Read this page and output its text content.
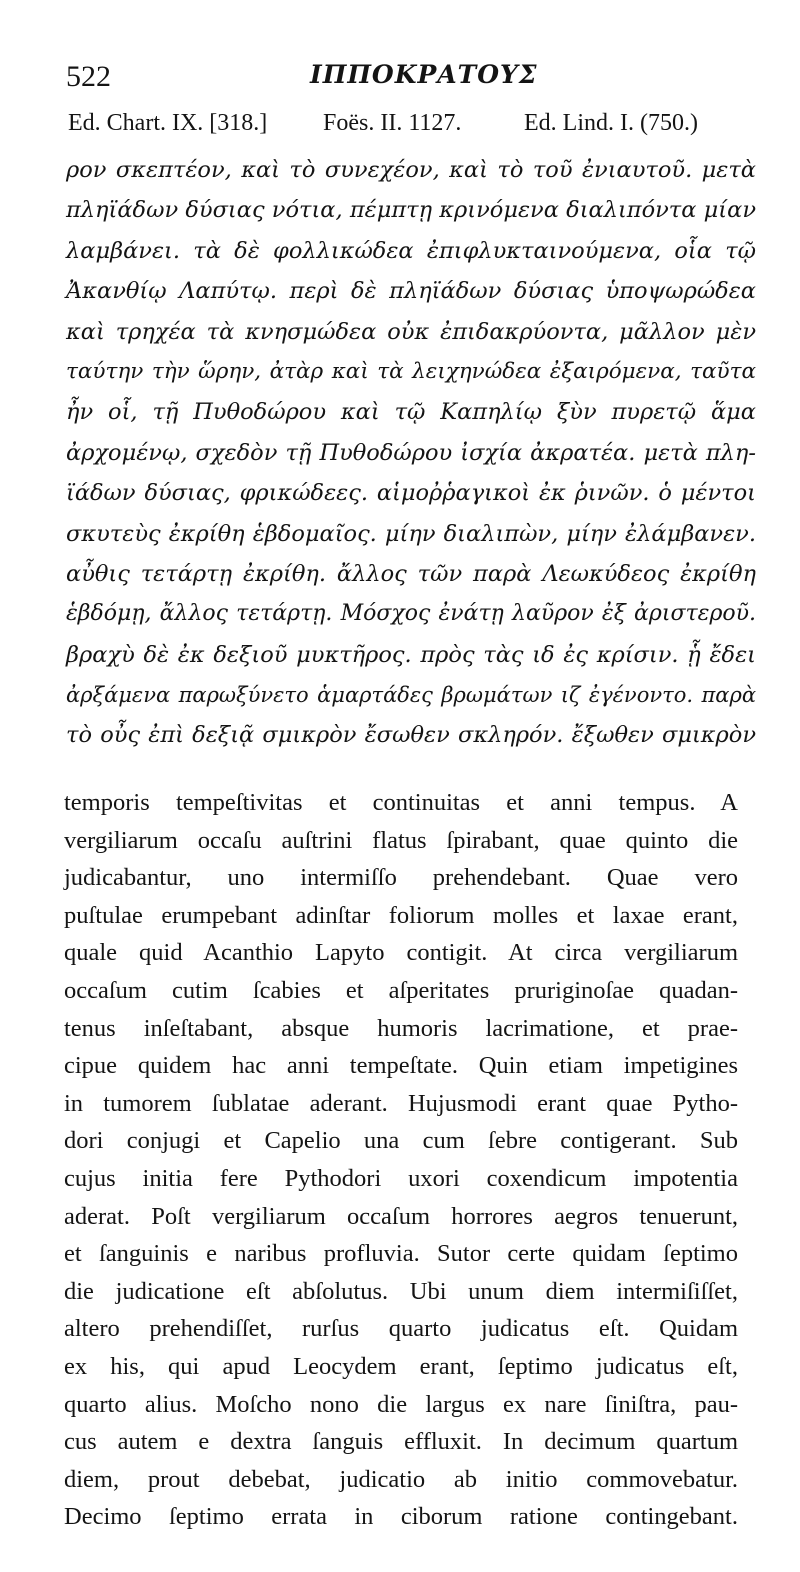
522	ΙΠΠΟΚΡΑΤΟΥΣ
Ed. Chart. IX. [318.] Foës. II. 1127.	Ed. Lind. I. (750.)
ρον σκεπτέον, καὶ τὸ συνεχέον, καὶ τὸ τοῦ ἐνιαυτοῦ. μετὰ
πληϊάδων δύσιας νότια, πέμπτῃ κρινόμενα διαλιπόντα μίαν
λαμβάνει. τὰ δὲ φολλικώδεα ἐπιφλυκταινούμενα, οἷα τῷ
Ἀκανθίῳ Λαπύτῳ. περὶ δὲ πληϊάδων δύσιας ὑποψωρώδεα
καὶ τρηχέα τὰ κνησμώδεα οὐκ ἐπιδακρύοντα, μᾶλλον μὲν
ταύτην τὴν ὥρην, ἀτὰρ καὶ τὰ λειχηνώδεα ἐξαιρόμενα, ταῦτα
ἦν οἷ, τῇ Πυθοδώρου καὶ τῷ Καπηλίῳ ξὺν πυρετῷ ἅμα
ἀρχομένῳ, σχεδὸν τῇ Πυθοδώρου ἰσχία ἀκρατέα. μετὰ πλη-
ϊάδων δύσιας, φρικώδεες. αἱμοῤῥαγικοὶ ἐκ ῥινῶν. ὁ μέντοι
σκυτεὺς ἐκρίθη ἑβδομαῖος. μίην διαλιπὼν, μίην ἐλάμβανεν.
αὖθις τετάρτῃ ἐκρίθη. ἄλλος τῶν παρὰ Λεωκύδεος ἐκρίθη
ἑβδόμῃ, ἄλλος τετάρτῃ. Μόσχος ἐνάτῃ λαῦρον ἐξ ἀριστεροῦ.
βραχὺ δὲ ἐκ δεξιοῦ μυκτῆρος. πρὸς τὰς ιδ ἐς κρίσιν. ᾗ ἔδει
ἀρξάμενα παρωξύνετο ἁμαρτάδες βρωμάτων ιζ ἐγένοντο. παρὰ
τὸ οὖς ἐπὶ δεξιᾷ σμικρὸν ἔσωθεν σκληρόν. ἔξωθεν σμικρὸν
temporis tempeſtivitas et continuitas et anni tempus. A
vergiliarum occaſu auſtrini flatus ſpirabant, quae quinto die
judicabantur, uno intermiſſo prehendebant. Quae vero
puſtulae erumpebant adinſtar foliorum molles et laxae erant,
quale quid Acanthio Lapyto contigit. At circa vergiliarum
occaſum cutim ſcabies et aſperitates pruriginoſae quadan-
tenus inſeſtabant, absque humoris lacrimatione, et prae-
cipue quidem hac anni tempeſtate. Quin etiam impetigines
in tumorem ſublatae aderant. Hujusmodi erant quae Pytho-
dori conjugi et Capelio una cum ſebre contigerant. Sub
cujus initia fere Pythodori uxori coxendicum impotentia
aderat. Poſt vergiliarum occaſum horrores aegros tenuerunt,
et ſanguinis e naribus profluvia. Sutor certe quidam ſeptimo
die judicatione eſt abſolutus. Ubi unum diem intermiſiſſet,
altero prehendiſſet, rurſus quarto judicatus eſt. Quidam
ex his, qui apud Leocydem erant, ſeptimo judicatus eſt,
quarto alius. Moſcho nono die largus ex nare ſiniſtra, pau-
cus autem e dextra ſanguis effluxit. In decimum quartum
diem, prout debebat, judicatio ab initio commovebatur.
Decimo ſeptimo errata in ciborum ratione contingebant.
